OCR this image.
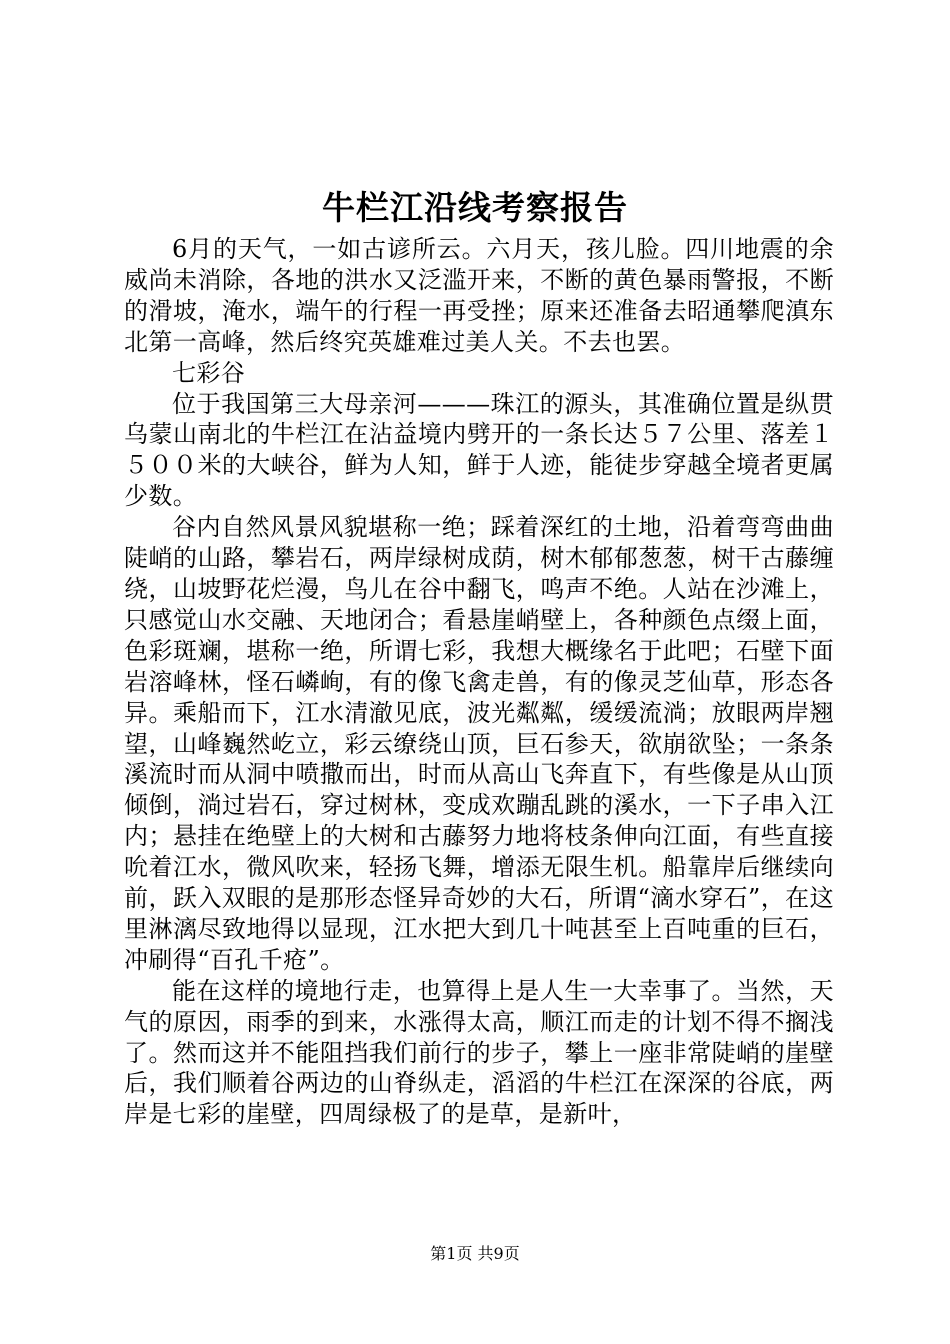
牛栏江沿线考察报告

6月的天气，一如古谚所云。六月天，孩儿脸。四川地震的余威尚未消除，各地的洪水又泛滥开来，不断的黄色暴雨警报，不断的滑坡，淹水，端午的行程一再受挫；原来还准备去昭通攀爬滇东北第一高峰，然后终究英雄难过美人关。不去也罢。

七彩谷

位于我国第三大母亲河———珠江的源头，其准确位置是纵贯乌蒙山南北的牛栏江在沾益境内劈开的一条长达５７公里、落差１５００米的大峡谷，鲜为人知，鲜于人迹，能徒步穿越全境者更属少数。

谷内自然风景风貌堪称一绝；踩着深红的土地，沿着弯弯曲曲陡峭的山路，攀岩石，两岸绿树成荫，树木郁郁葱葱，树干古藤缠绕，山坡野花烂漫，鸟儿在谷中翻飞，鸣声不绝。人站在沙滩上，只感觉山水交融、天地闭合；看悬崖峭壁上，各种颜色点缀上面，色彩斑斓，堪称一绝，所谓七彩，我想大概缘名于此吧；石壁下面岩溶峰林，怪石嶙峋，有的像飞禽走兽，有的像灵芝仙草，形态各异。乘船而下，江水清澈见底，波光粼粼，缓缓流淌；放眼两岸翘望，山峰巍然屹立，彩云缭绕山顶，巨石参天，欲崩欲坠；一条条溪流时而从洞中喷撒而出，时而从高山飞奔直下，有些像是从山顶倾倒，淌过岩石，穿过树林，变成欢蹦乱跳的溪水，一下子串入江内；悬挂在绝壁上的大树和古藤努力地将枝条伸向江面，有些直接吮着江水，微风吹来，轻扬飞舞，增添无限生机。船靠岸后继续向前，跃入双眼的是那形态怪异奇妙的大石，所谓“滴水穿石”，在这里淋漓尽致地得以显现，江水把大到几十吨甚至上百吨重的巨石，冲刷得“百孔千疮”。

能在这样的境地行走，也算得上是人生一大幸事了。当然，天气的原因，雨季的到来，水涨得太高，顺江而走的计划不得不搁浅了。然而这并不能阻挡我们前行的步子，攀上一座非常陡峭的崖壁后，我们顺着谷两边的山脊纵走，滔滔的牛栏江在深深的谷底，两岸是七彩的崖壁，四周绿极了的是草，是新叶，

第1页 共9页
